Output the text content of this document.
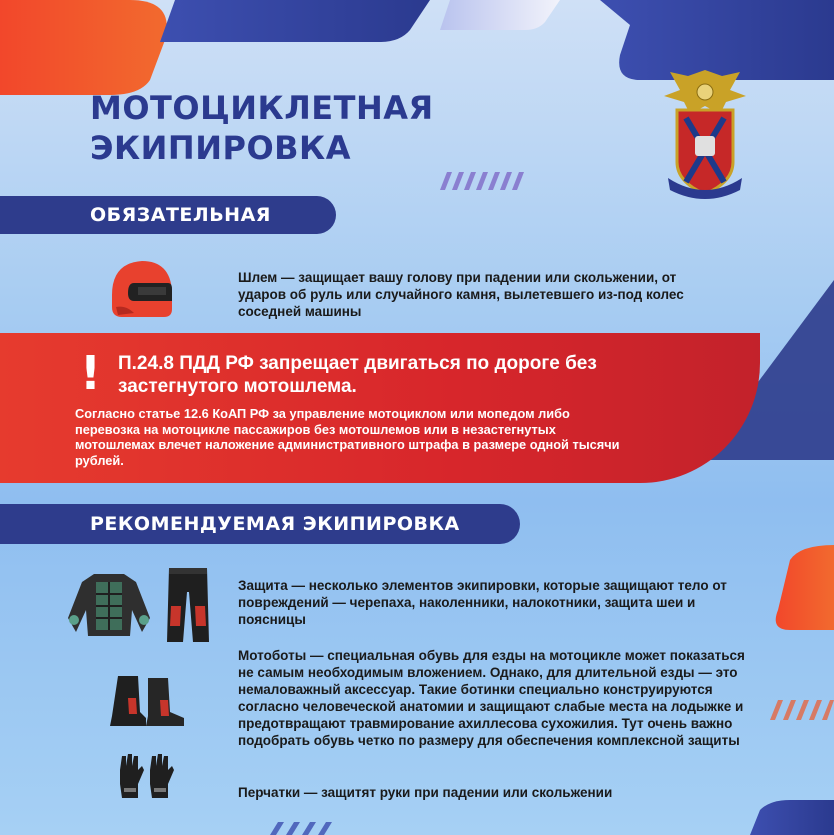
МОТОЦИКЛЕТНАЯ
ЭКИПИРОВКА
ОБЯЗАТЕЛЬНАЯ
Шлем — защищает вашу голову при падении или скольжении, от ударов об руль или случайного камня, вылетевшего из-под колес соседней машины
! П.24.8 ПДД РФ запрещает двигаться по дороге без застегнутого мотошлема.
Согласно статье 12.6 КоАП РФ за управление мотоциклом или мопедом либо перевозка на мотоцикле пассажиров без мотошлемов или в незастегнутых мотошлемах влечет наложение административного штрафа в размере одной тысячи рублей.
РЕКОМЕНДУЕМАЯ ЭКИПИРОВКА
Защита — несколько элементов экипировки, которые защищают тело от повреждений — черепаха, наколенники, налокотники, защита шеи и поясницы
Мотоботы — специальная обувь для езды на мотоцикле может показаться не самым необходимым вложением. Однако, для длительной езды — это немаловажный аксессуар. Такие ботинки специально конструируются согласно человеческой анатомии и защищают слабые места на лодыжке и предотвращают травмирование ахиллесова сухожилия. Тут очень важно подобрать обувь четко по размеру для обеспечения комплексной защиты
Перчатки — защитят руки при падении или скольжении
